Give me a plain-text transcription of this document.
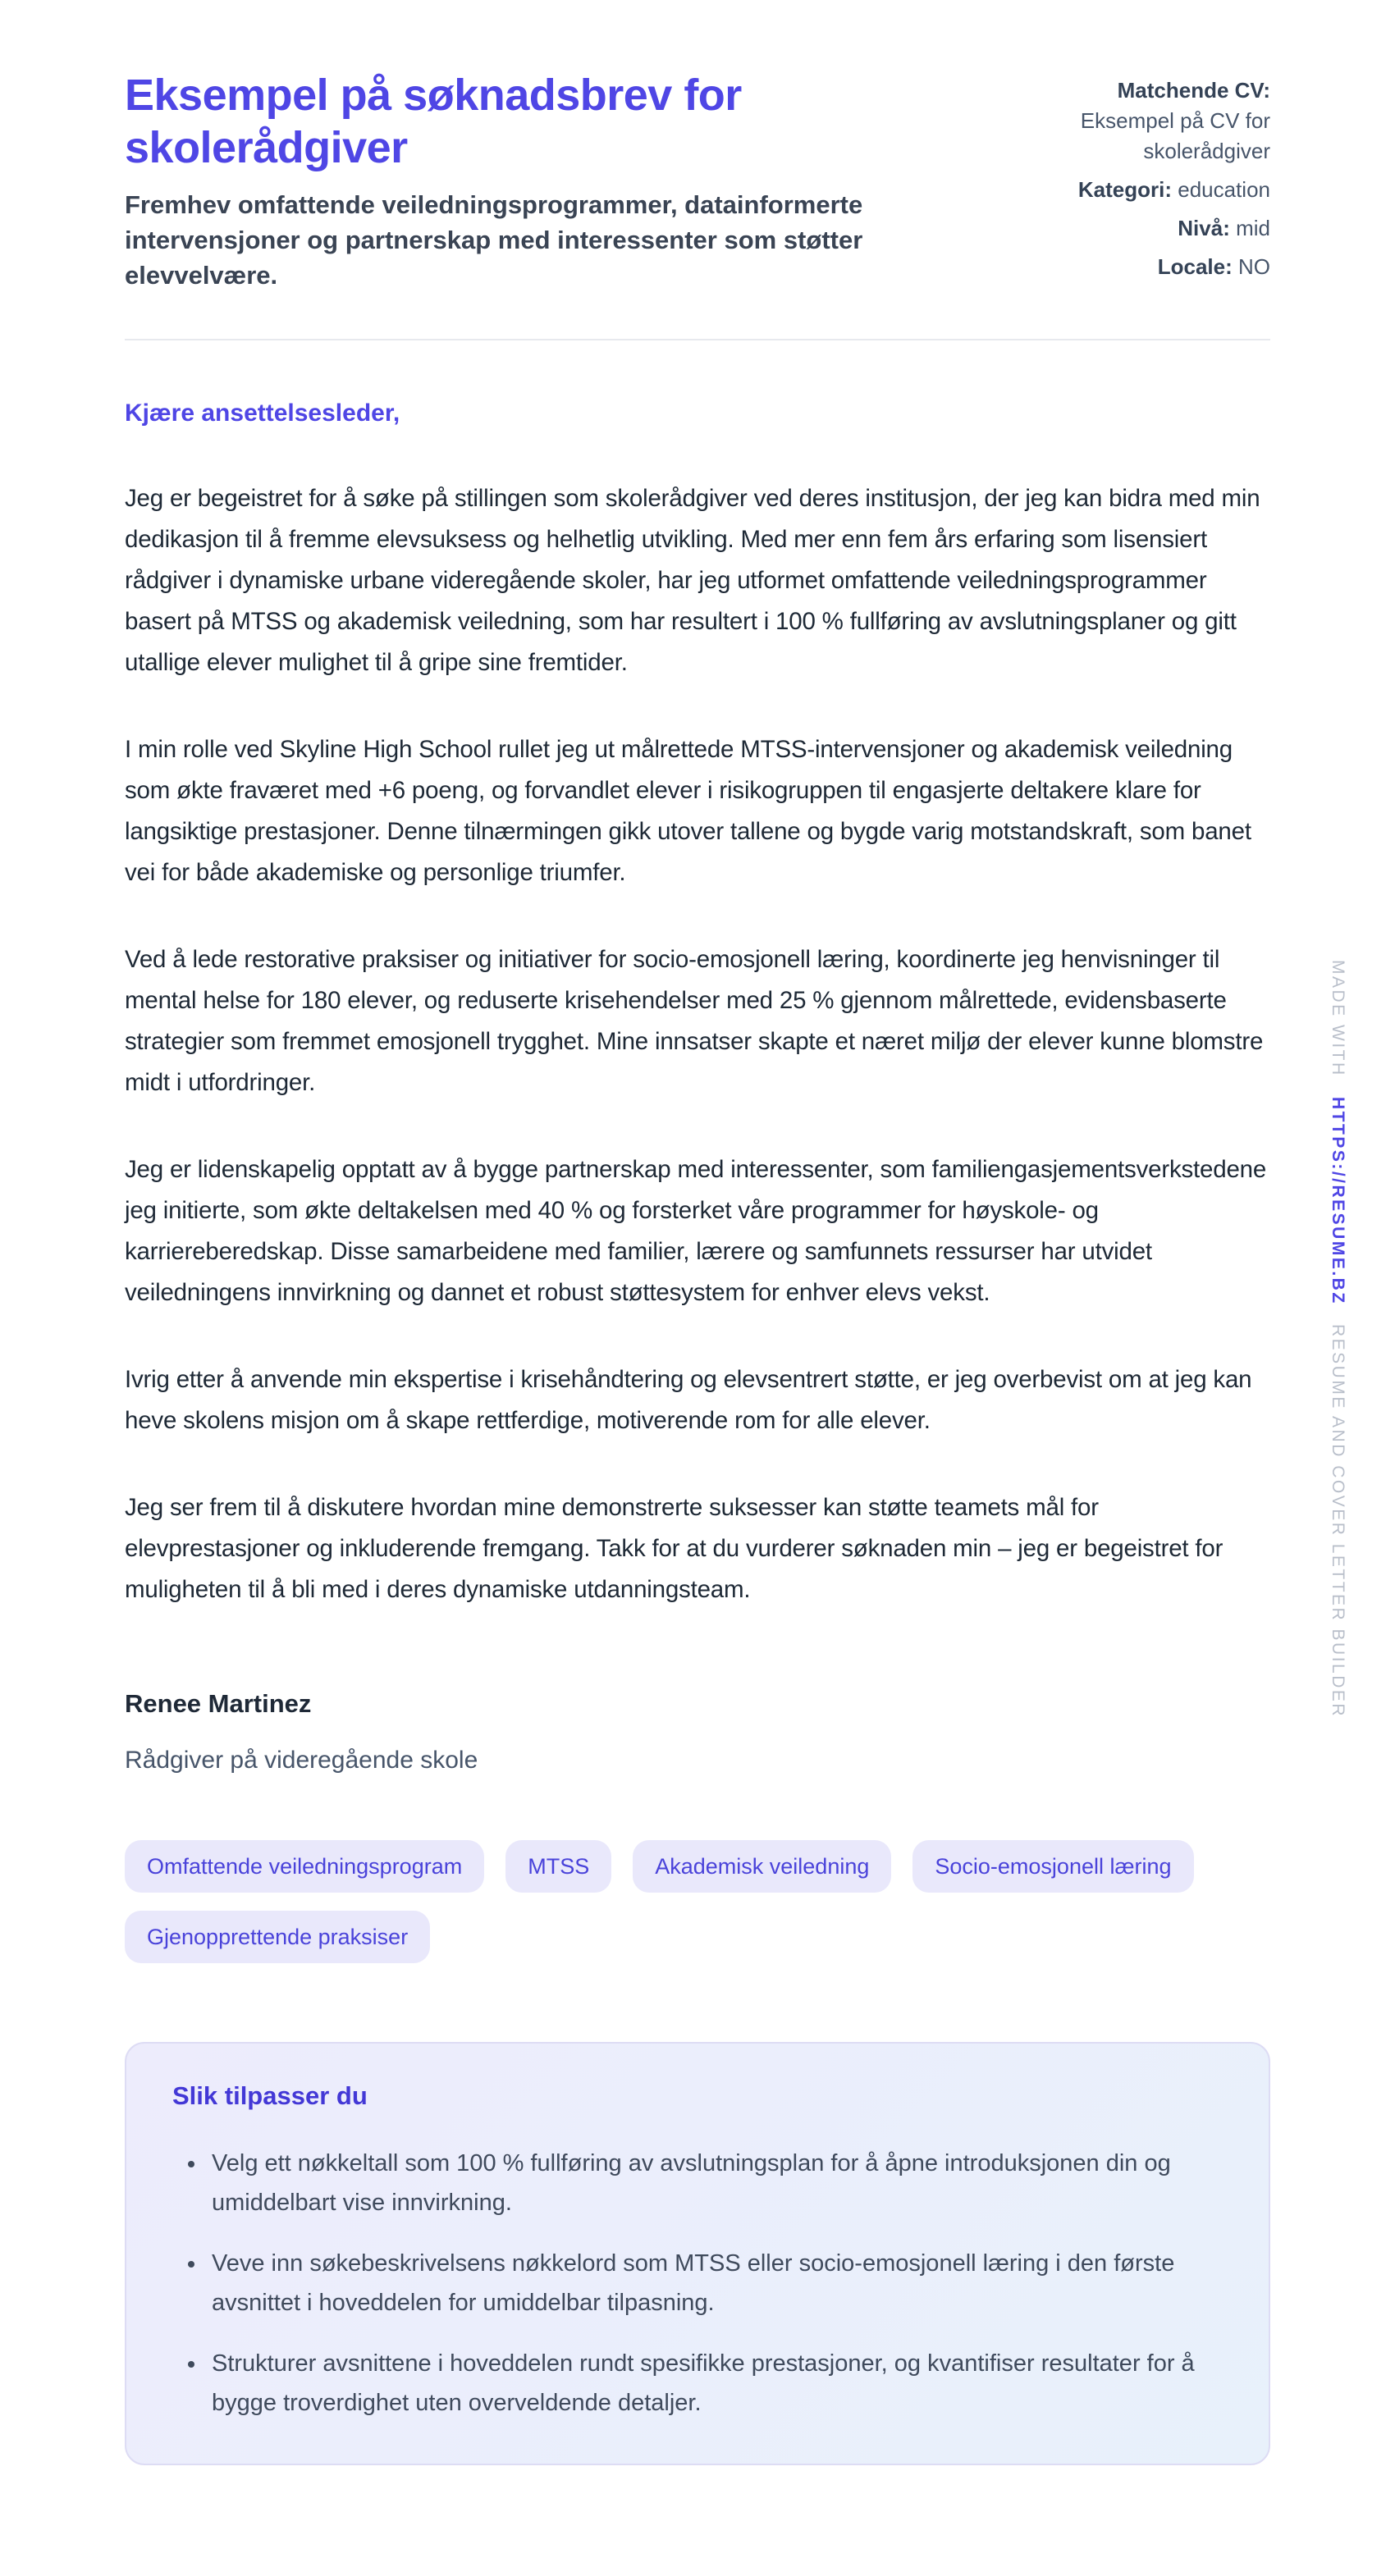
Eksempel på søknadsbrev for skolerådgiver

Fremhev omfattende veiledningsprogrammer, datainformerte intervensjoner og partnerskap med interessenter som støtter elevvelvære.

Matchende CV: Eksempel på CV for skolerådgiver
Kategori: education
Nivå: mid
Locale: NO

Kjære ansettelsesleder,

Jeg er begeistret for å søke på stillingen som skolerådgiver ved deres institusjon, der jeg kan bidra med min dedikasjon til å fremme elevsuksess og helhetlig utvikling. Med mer enn fem års erfaring som lisensiert rådgiver i dynamiske urbane videregående skoler, har jeg utformet omfattende veiledningsprogrammer basert på MTSS og akademisk veiledning, som har resultert i 100 % fullføring av avslutningsplaner og gitt utallige elever mulighet til å gripe sine fremtider.

I min rolle ved Skyline High School rullet jeg ut målrettede MTSS-intervensjoner og akademisk veiledning som økte fraværet med +6 poeng, og forvandlet elever i risikogruppen til engasjerte deltakere klare for langsiktige prestasjoner. Denne tilnærmingen gikk utover tallene og bygde varig motstandskraft, som banet vei for både akademiske og personlige triumfer.

Ved å lede restorative praksiser og initiativer for socio-emosjonell læring, koordinerte jeg henvisninger til mental helse for 180 elever, og reduserte krisehendelser med 25 % gjennom målrettede, evidensbaserte strategier som fremmet emosjonell trygghet. Mine innsatser skapte et næret miljø der elever kunne blomstre midt i utfordringer.

Jeg er lidenskapelig opptatt av å bygge partnerskap med interessenter, som familiengasjementsverkstedene jeg initierte, som økte deltakelsen med 40 % og forsterket våre programmer for høyskole- og karriereberedskap. Disse samarbeidene med familier, lærere og samfunnets ressurser har utvidet veiledningens innvirkning og dannet et robust støttesystem for enhver elevs vekst.

Ivrig etter å anvende min ekspertise i krisehåndtering og elevsentrert støtte, er jeg overbevist om at jeg kan heve skolens misjon om å skape rettferdige, motiverende rom for alle elever.

Jeg ser frem til å diskutere hvordan mine demonstrerte suksesser kan støtte teamets mål for elevprestasjoner og inkluderende fremgang. Takk for at du vurderer søknaden min – jeg er begeistret for muligheten til å bli med i deres dynamiske utdanningsteam.

Renee Martinez

Rådgiver på videregående skole

Omfattende veiledningsprogram	MTSS	Akademisk veiledning	Socio-emosjonell læring
Gjenopprettende praksiser
Slik tilpasser du
• Velg ett nøkkeltall som 100 % fullføring av avslutningsplan for å åpne introduksjonen din og umiddelbart vise innvirkning.
• Veve inn søkebeskrivelsens nøkkelord som MTSS eller socio-emosjonell læring i den første avsnittet i hoveddelen for umiddelbar tilpasning.
• Strukturer avsnittene i hoveddelen rundt spesifikke prestasjoner, og kvantifiser resultater for å bygge troverdighet uten overveldende detaljer.
MADE WITH
HTTPS://RESUME.BZ
RESUME AND COVER LETTER BUILDER
